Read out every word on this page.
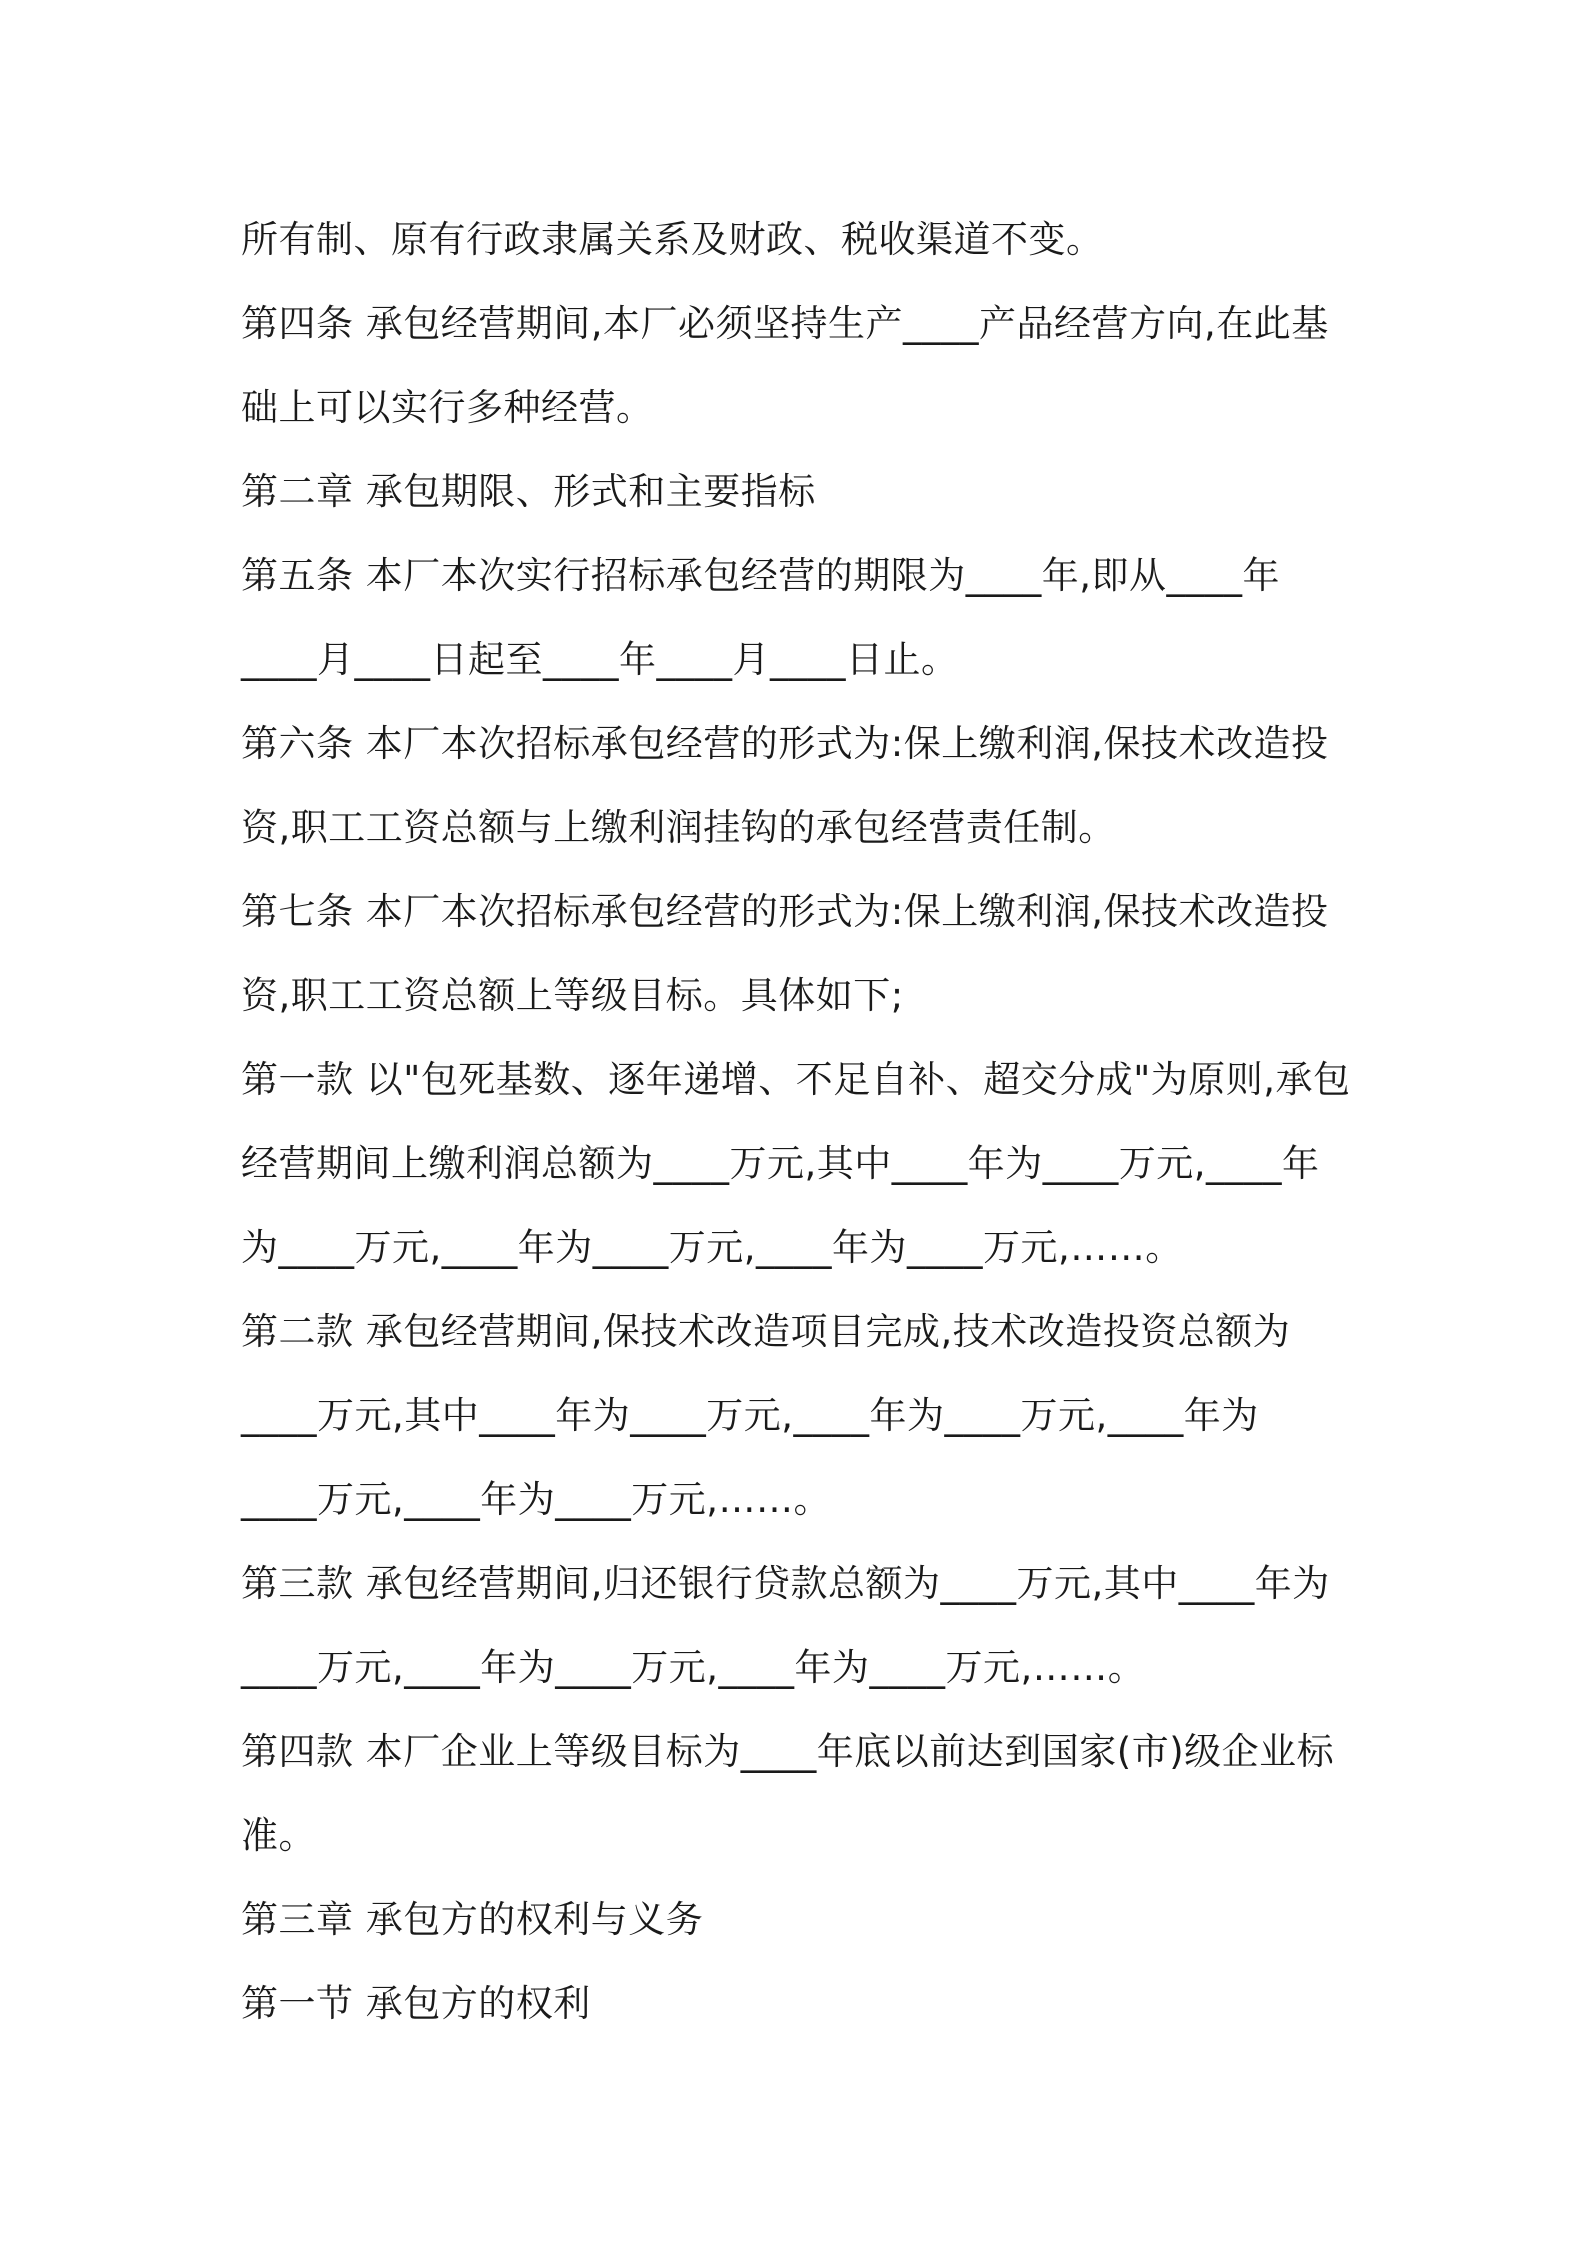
所有制、原有行政隶属关系及财政、税收渠道不变。
第四条 承包经营期间,本厂必须坚持生产____产品经营方向,在此基
础上可以实行多种经营。
第二章 承包期限、形式和主要指标
第五条 本厂本次实行招标承包经营的期限为____年,即从____年
____月____日起至____年____月____日止。
第六条 本厂本次招标承包经营的形式为:保上缴利润,保技术改造投
资,职工工资总额与上缴利润挂钩的承包经营责任制。
第七条 本厂本次招标承包经营的形式为:保上缴利润,保技术改造投
资,职工工资总额上等级目标。具体如下;
第一款 以"包死基数、逐年递增、不足自补、超交分成"为原则,承包
经营期间上缴利润总额为____万元,其中____年为____万元,____年
为____万元,____年为____万元,____年为____万元,……。
第二款 承包经营期间,保技术改造项目完成,技术改造投资总额为
____万元,其中____年为____万元,____年为____万元,____年为
____万元,____年为____万元,……。
第三款 承包经营期间,归还银行贷款总额为____万元,其中____年为
____万元,____年为____万元,____年为____万元,……。
第四款 本厂企业上等级目标为____年底以前达到国家(市)级企业标
准。
第三章 承包方的权利与义务
第一节 承包方的权利
